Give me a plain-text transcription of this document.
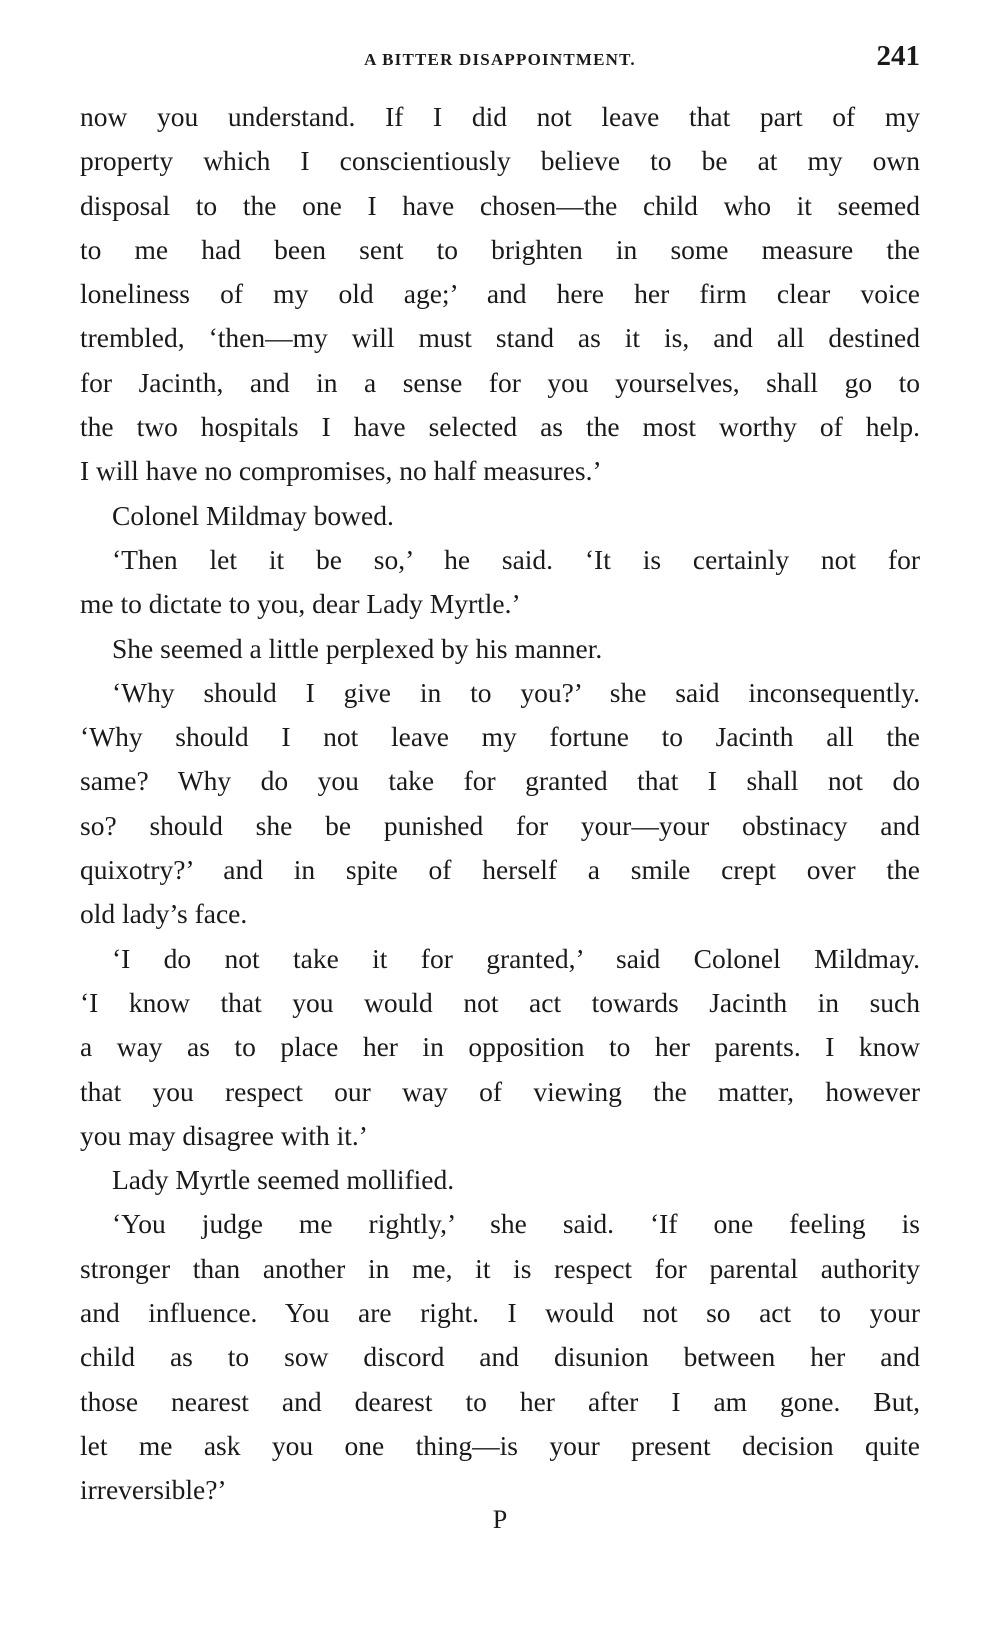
A BITTER DISAPPOINTMENT.	241
now you understand. If I did not leave that part of my
property which I conscientiously believe to be at my own
disposal to the one I have chosen—the child who it seemed
to me had been sent to brighten in some measure the
loneliness of my old age;’ and here her firm clear voice
trembled, ‘then—my will must stand as it is, and all destined
for Jacinth, and in a sense for you yourselves, shall go to
the two hospitals I have selected as the most worthy of help.
I will have no compromises, no half measures.’
Colonel Mildmay bowed.
‘Then let it be so,’ he said. ‘It is certainly not for
me to dictate to you, dear Lady Myrtle.’
She seemed a little perplexed by his manner.
‘Why should I give in to you?’ she said inconsequently.
‘Why should I not leave my fortune to Jacinth all the
same? Why do you take for granted that I shall not do
so? should she be punished for your—your obstinacy and
quixotry?’ and in spite of herself a smile crept over the
old lady’s face.
‘I do not take it for granted,’ said Colonel Mildmay.
‘I know that you would not act towards Jacinth in such
a way as to place her in opposition to her parents. I know
that you respect our way of viewing the matter, however
you may disagree with it.’
Lady Myrtle seemed mollified.
‘You judge me rightly,’ she said. ‘If one feeling is
stronger than another in me, it is respect for parental authority
and influence. You are right. I would not so act to your
child as to sow discord and disunion between her and
those nearest and dearest to her after I am gone. But,
let me ask you one thing—is your present decision quite
irreversible?’
P
